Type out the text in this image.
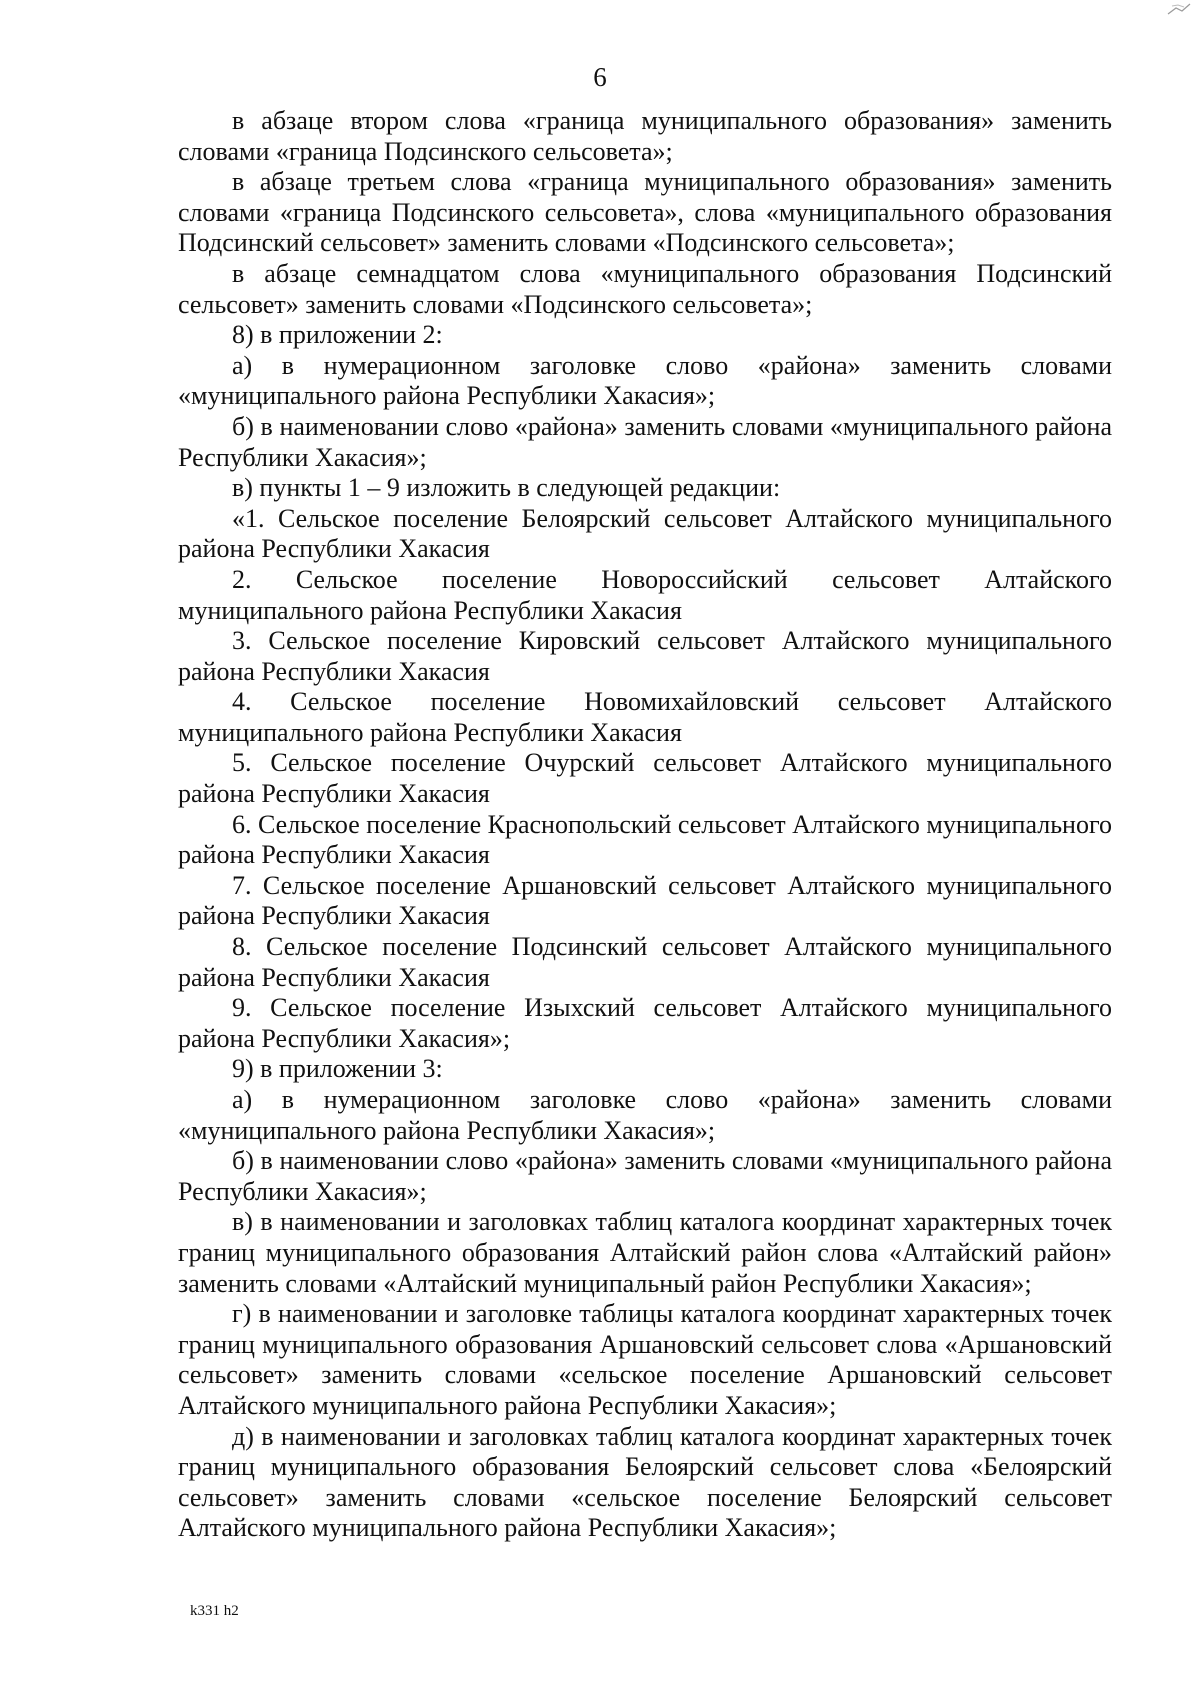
6

в абзаце втором слова «граница муниципального образования» заменить словами «граница Подсинского сельсовета»;

в абзаце третьем слова «граница муниципального образования» заменить словами «граница Подсинского сельсовета», слова «муниципального образования Подсинский сельсовет» заменить словами «Подсинского сельсовета»;

в абзаце семнадцатом слова «муниципального образования Подсинский сельсовет» заменить словами «Подсинского сельсовета»;

8) в приложении 2:

а) в нумерационном заголовке слово «района» заменить словами «муниципального района Республики Хакасия»;

б) в наименовании слово «района» заменить словами «муниципального района Республики Хакасия»;

в) пункты 1 – 9 изложить в следующей редакции:

«1. Сельское поселение Белоярский сельсовет Алтайского муниципального района Республики Хакасия

2. Сельское поселение Новороссийский сельсовет Алтайского муниципального района Республики Хакасия

3. Сельское поселение Кировский сельсовет Алтайского муниципального района Республики Хакасия

4. Сельское поселение Новомихайловский сельсовет Алтайского муниципального района Республики Хакасия

5. Сельское поселение Очурский сельсовет Алтайского муниципального района Республики Хакасия

6. Сельское поселение Краснопольский сельсовет Алтайского муниципального района Республики Хакасия

7. Сельское поселение Аршановский сельсовет Алтайского муниципального района Республики Хакасия

8. Сельское поселение Подсинский сельсовет Алтайского муниципального района Республики Хакасия

9. Сельское поселение Изыхский сельсовет Алтайского муниципального района Республики Хакасия»;

9) в приложении 3:

а) в нумерационном заголовке слово «района» заменить словами «муниципального района Республики Хакасия»;

б) в наименовании слово «района» заменить словами «муниципального района Республики Хакасия»;

в) в наименовании и заголовках таблиц каталога координат характерных точек границ муниципального образования Алтайский район слова «Алтайский район» заменить словами «Алтайский муниципальный район Республики Хакасия»;

г) в наименовании и заголовке таблицы каталога координат характерных точек границ муниципального образования Аршановский сельсовет слова «Аршановский сельсовет» заменить словами «сельское поселение Аршановский сельсовет Алтайского муниципального района Республики Хакасия»;

д) в наименовании и заголовках таблиц каталога координат характерных точек границ муниципального образования Белоярский сельсовет слова «Белоярский сельсовет» заменить словами «сельское поселение Белоярский сельсовет Алтайского муниципального района Республики Хакасия»;

k331 h2
